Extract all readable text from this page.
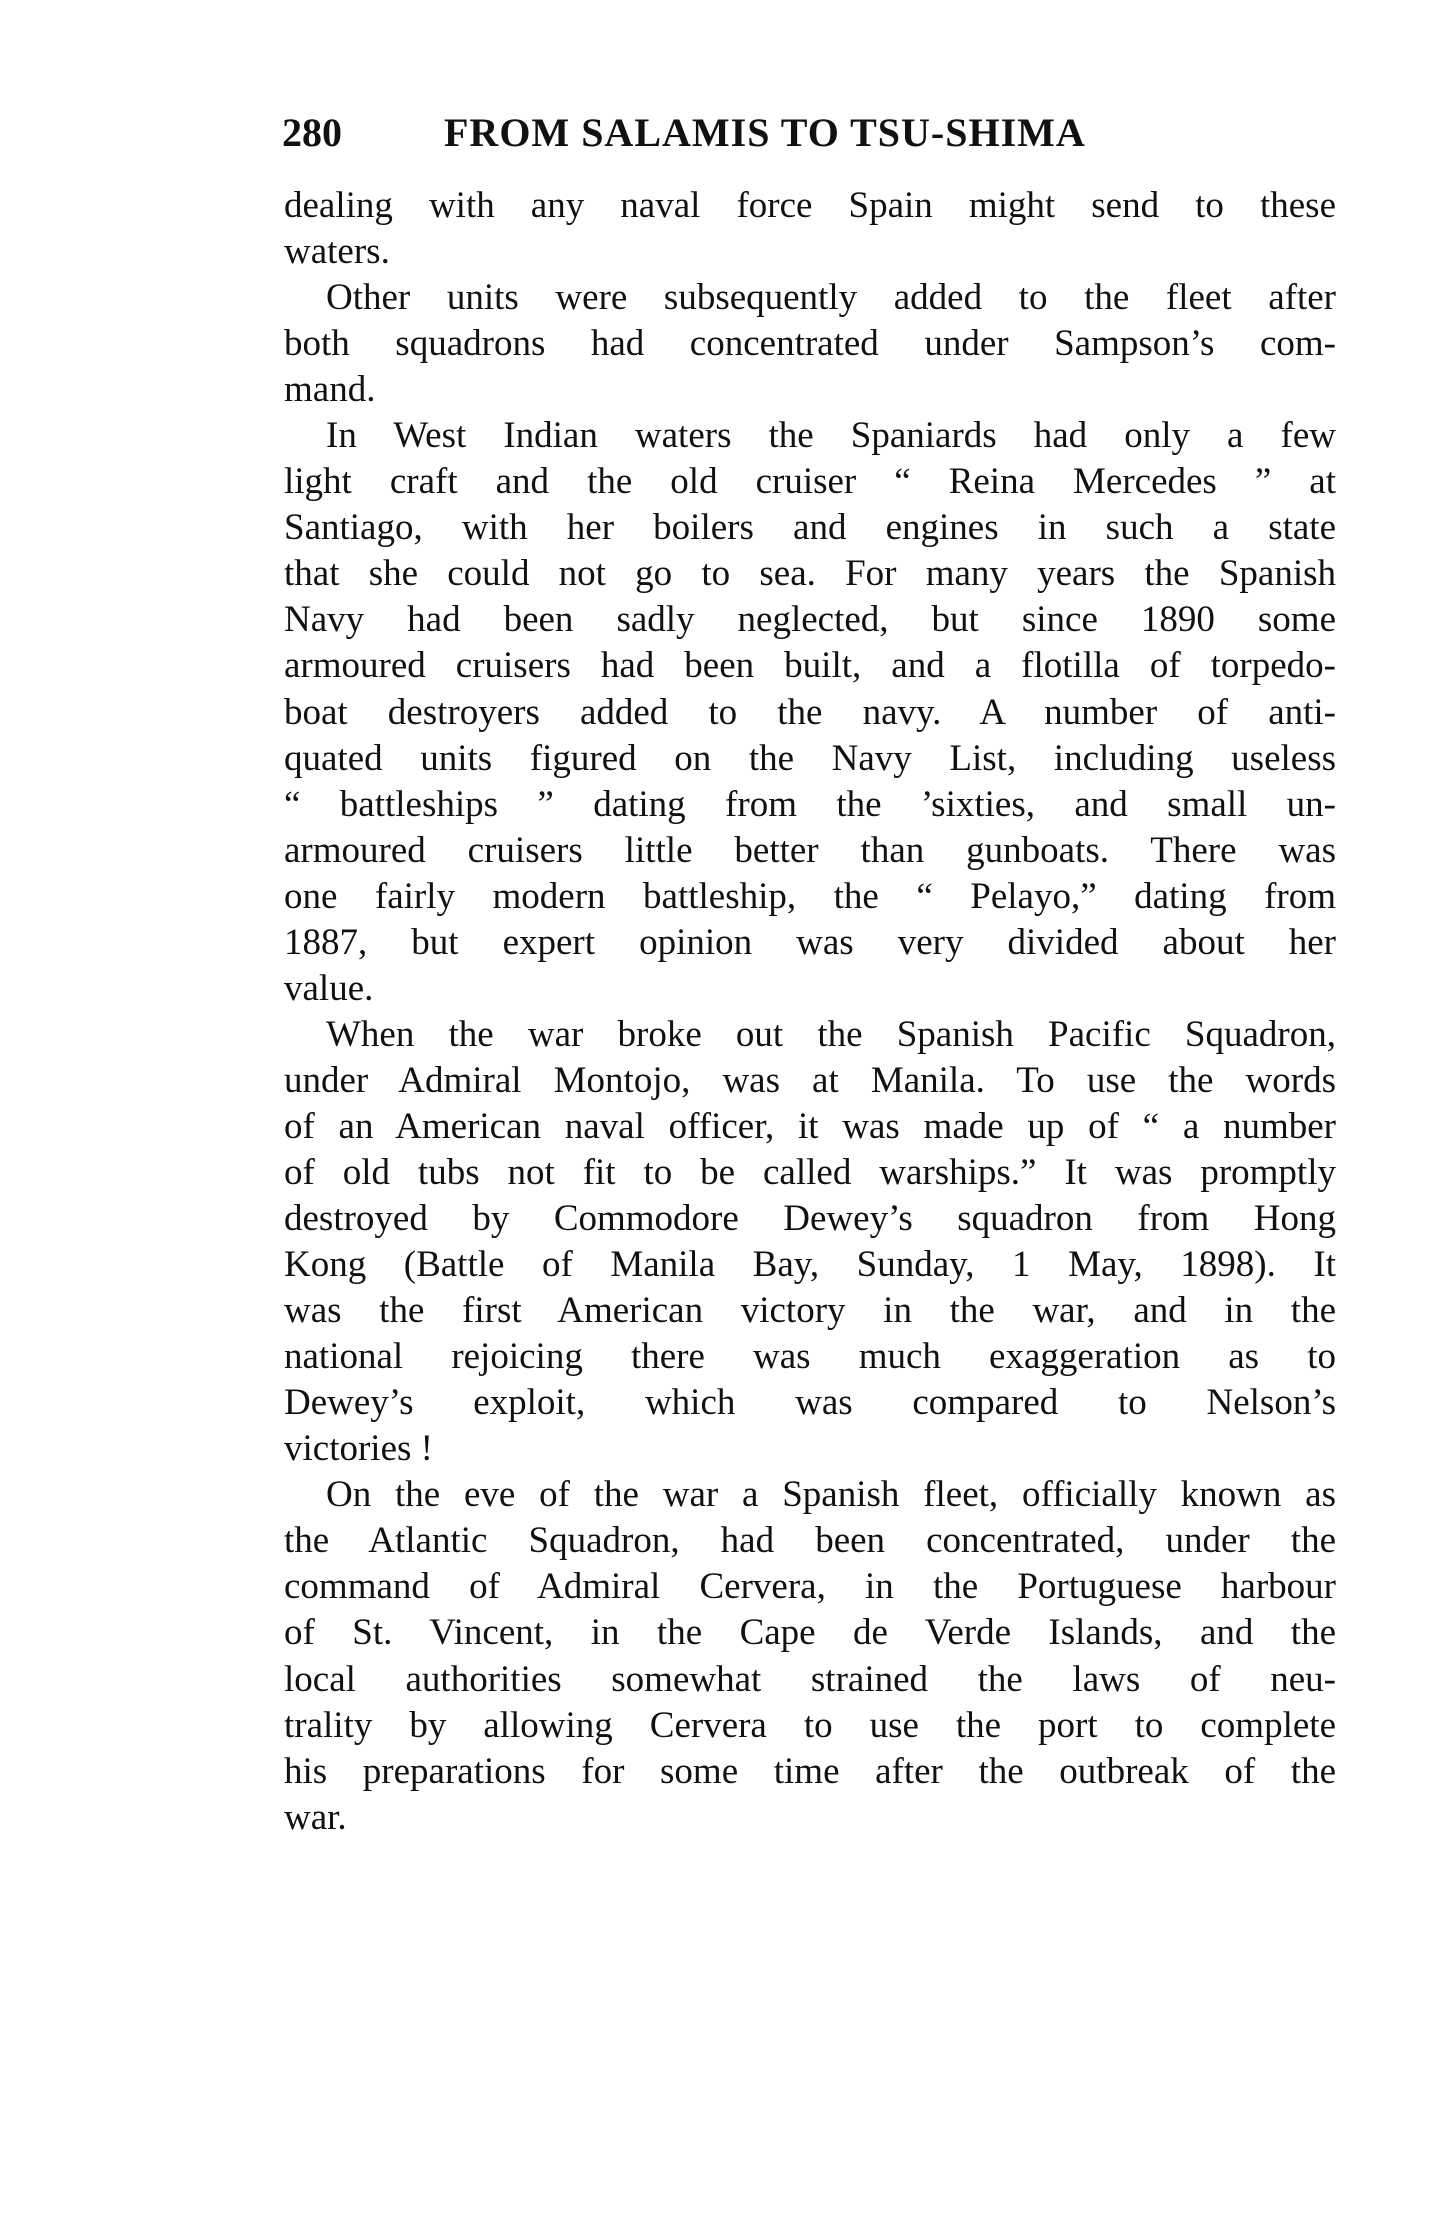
280	FROM SALAMIS TO TSU-SHIMA
dealing with any naval force Spain might send to these
waters.
Other units were subsequently added to the fleet after
both squadrons had concentrated under Sampson’s com-
mand.
In West Indian waters the Spaniards had only a few
light craft and the old cruiser “ Reina Mercedes ” at
Santiago, with her boilers and engines in such a state
that she could not go to sea. For many years the Spanish
Navy had been sadly neglected, but since 1890 some
armoured cruisers had been built, and a flotilla of torpedo-
boat destroyers added to the navy. A number of anti-
quated units figured on the Navy List, including useless
“ battleships ” dating from the ’sixties, and small un-
armoured cruisers little better than gunboats. There was
one fairly modern battleship, the “ Pelayo,” dating from
1887, but expert opinion was very divided about her
value.
When the war broke out the Spanish Pacific Squadron,
under Admiral Montojo, was at Manila. To use the words
of an American naval officer, it was made up of “ a number
of old tubs not fit to be called warships.” It was promptly
destroyed by Commodore Dewey’s squadron from Hong
Kong (Battle of Manila Bay, Sunday, 1 May, 1898). It
was the first American victory in the war, and in the
national rejoicing there was much exaggeration as to
Dewey’s exploit, which was compared to Nelson’s
victories !
On the eve of the war a Spanish fleet, officially known as
the Atlantic Squadron, had been concentrated, under the
command of Admiral Cervera, in the Portuguese harbour
of St. Vincent, in the Cape de Verde Islands, and the
local authorities somewhat strained the laws of neu-
trality by allowing Cervera to use the port to complete
his preparations for some time after the outbreak of the
war.
